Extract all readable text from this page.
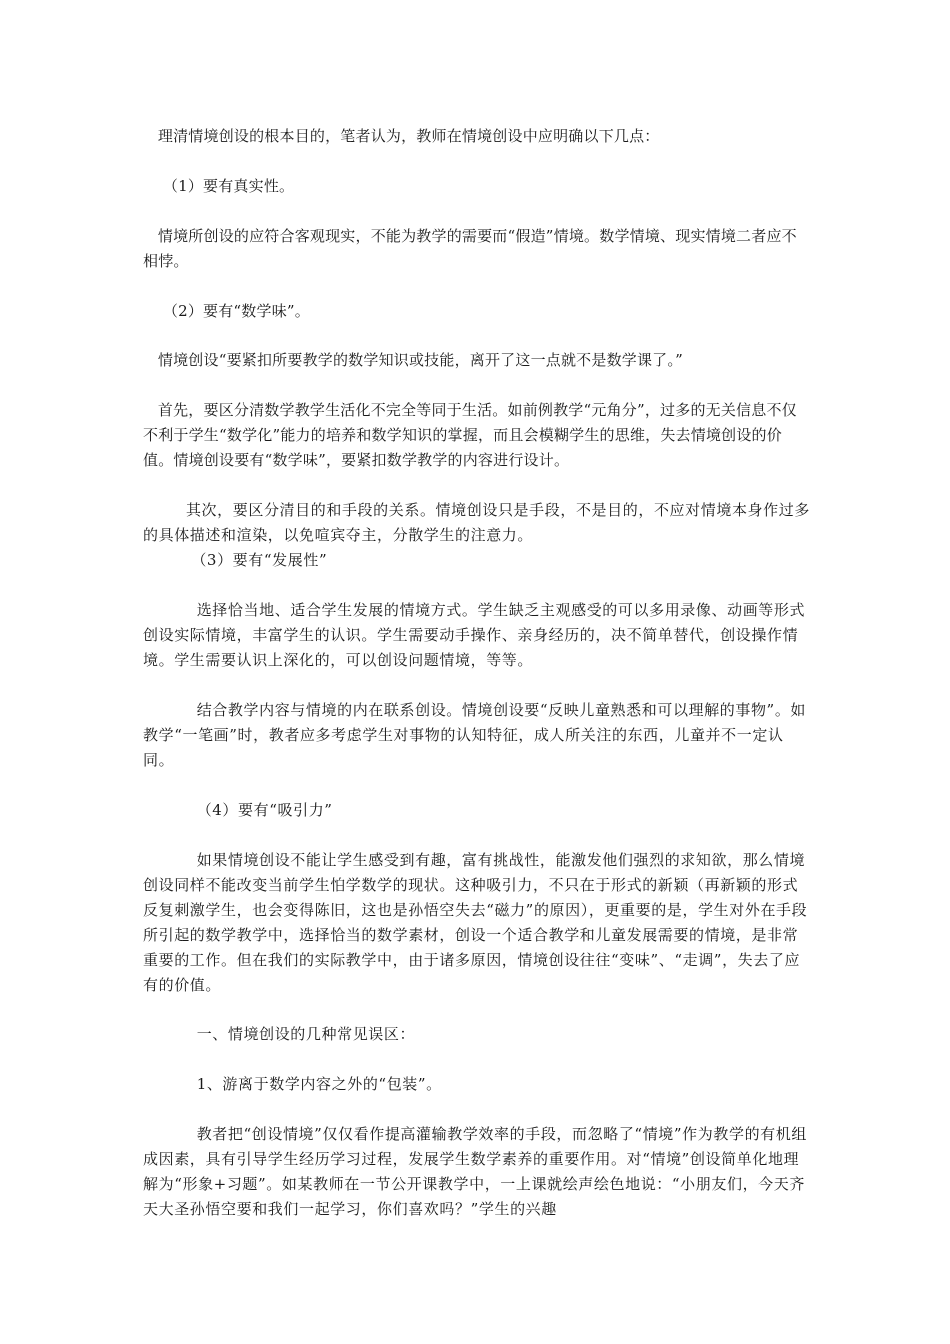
理清情境创设的根本目的，笔者认为，教师在情境创设中应明确以下几点：
（1）要有真实性。
情境所创设的应符合客观现实，不能为教学的需要而“假造”情境。数学情境、现实情境二者应不相悖。
（2）要有“数学味”。
情境创设“要紧扣所要教学的数学知识或技能，离开了这一点就不是数学课了。”
首先，要区分清数学教学生活化不完全等同于生活。如前例教学“元角分”，过多的无关信息不仅不利于学生“数学化”能力的培养和数学知识的掌握，而且会模糊学生的思维，失去情境创设的价值。情境创设要有“数学味”，要紧扣数学教学的内容进行设计。
其次，要区分清目的和手段的关系。情境创设只是手段，不是目的，不应对情境本身作过多的具体描述和渲染，以免喧宾夺主，分散学生的注意力。
（3）要有“发展性”
选择恰当地、适合学生发展的情境方式。学生缺乏主观感受的可以多用录像、动画等形式创设实际情境，丰富学生的认识。学生需要动手操作、亲身经历的，决不简单替代，创设操作情境。学生需要认识上深化的，可以创设问题情境，等等。
结合教学内容与情境的内在联系创设。情境创设要“反映儿童熟悉和可以理解的事物”。如教学“一笔画”时，教者应多考虑学生对事物的认知特征，成人所关注的东西，儿童并不一定认同。
（4）要有“吸引力”
如果情境创设不能让学生感受到有趣，富有挑战性，能激发他们强烈的求知欲，那么情境创设同样不能改变当前学生怕学数学的现状。这种吸引力，不只在于形式的新颖（再新颖的形式反复刺激学生，也会变得陈旧，这也是孙悟空失去“磁力”的原因），更重要的是，学生对外在手段所引起的数学教学中，选择恰当的数学素材，创设一个适合教学和儿童发展需要的情境，是非常重要的工作。但在我们的实际教学中，由于诸多原因，情境创设往往“变味”、“走调”，失去了应有的价值。
一、情境创设的几种常见误区：
1、游离于数学内容之外的“包装”。
教者把“创设情境”仅仅看作提高灌输教学效率的手段，而忽略了“情境”作为教学的有机组成因素，具有引导学生经历学习过程，发展学生数学素养的重要作用。对“情境”创设简单化地理解为“形象+习题”。如某教师在一节公开课教学中，一上课就绘声绘色地说：“小朋友们，今天齐天大圣孙悟空要和我们一起学习，你们喜欢吗？”学生的兴趣
